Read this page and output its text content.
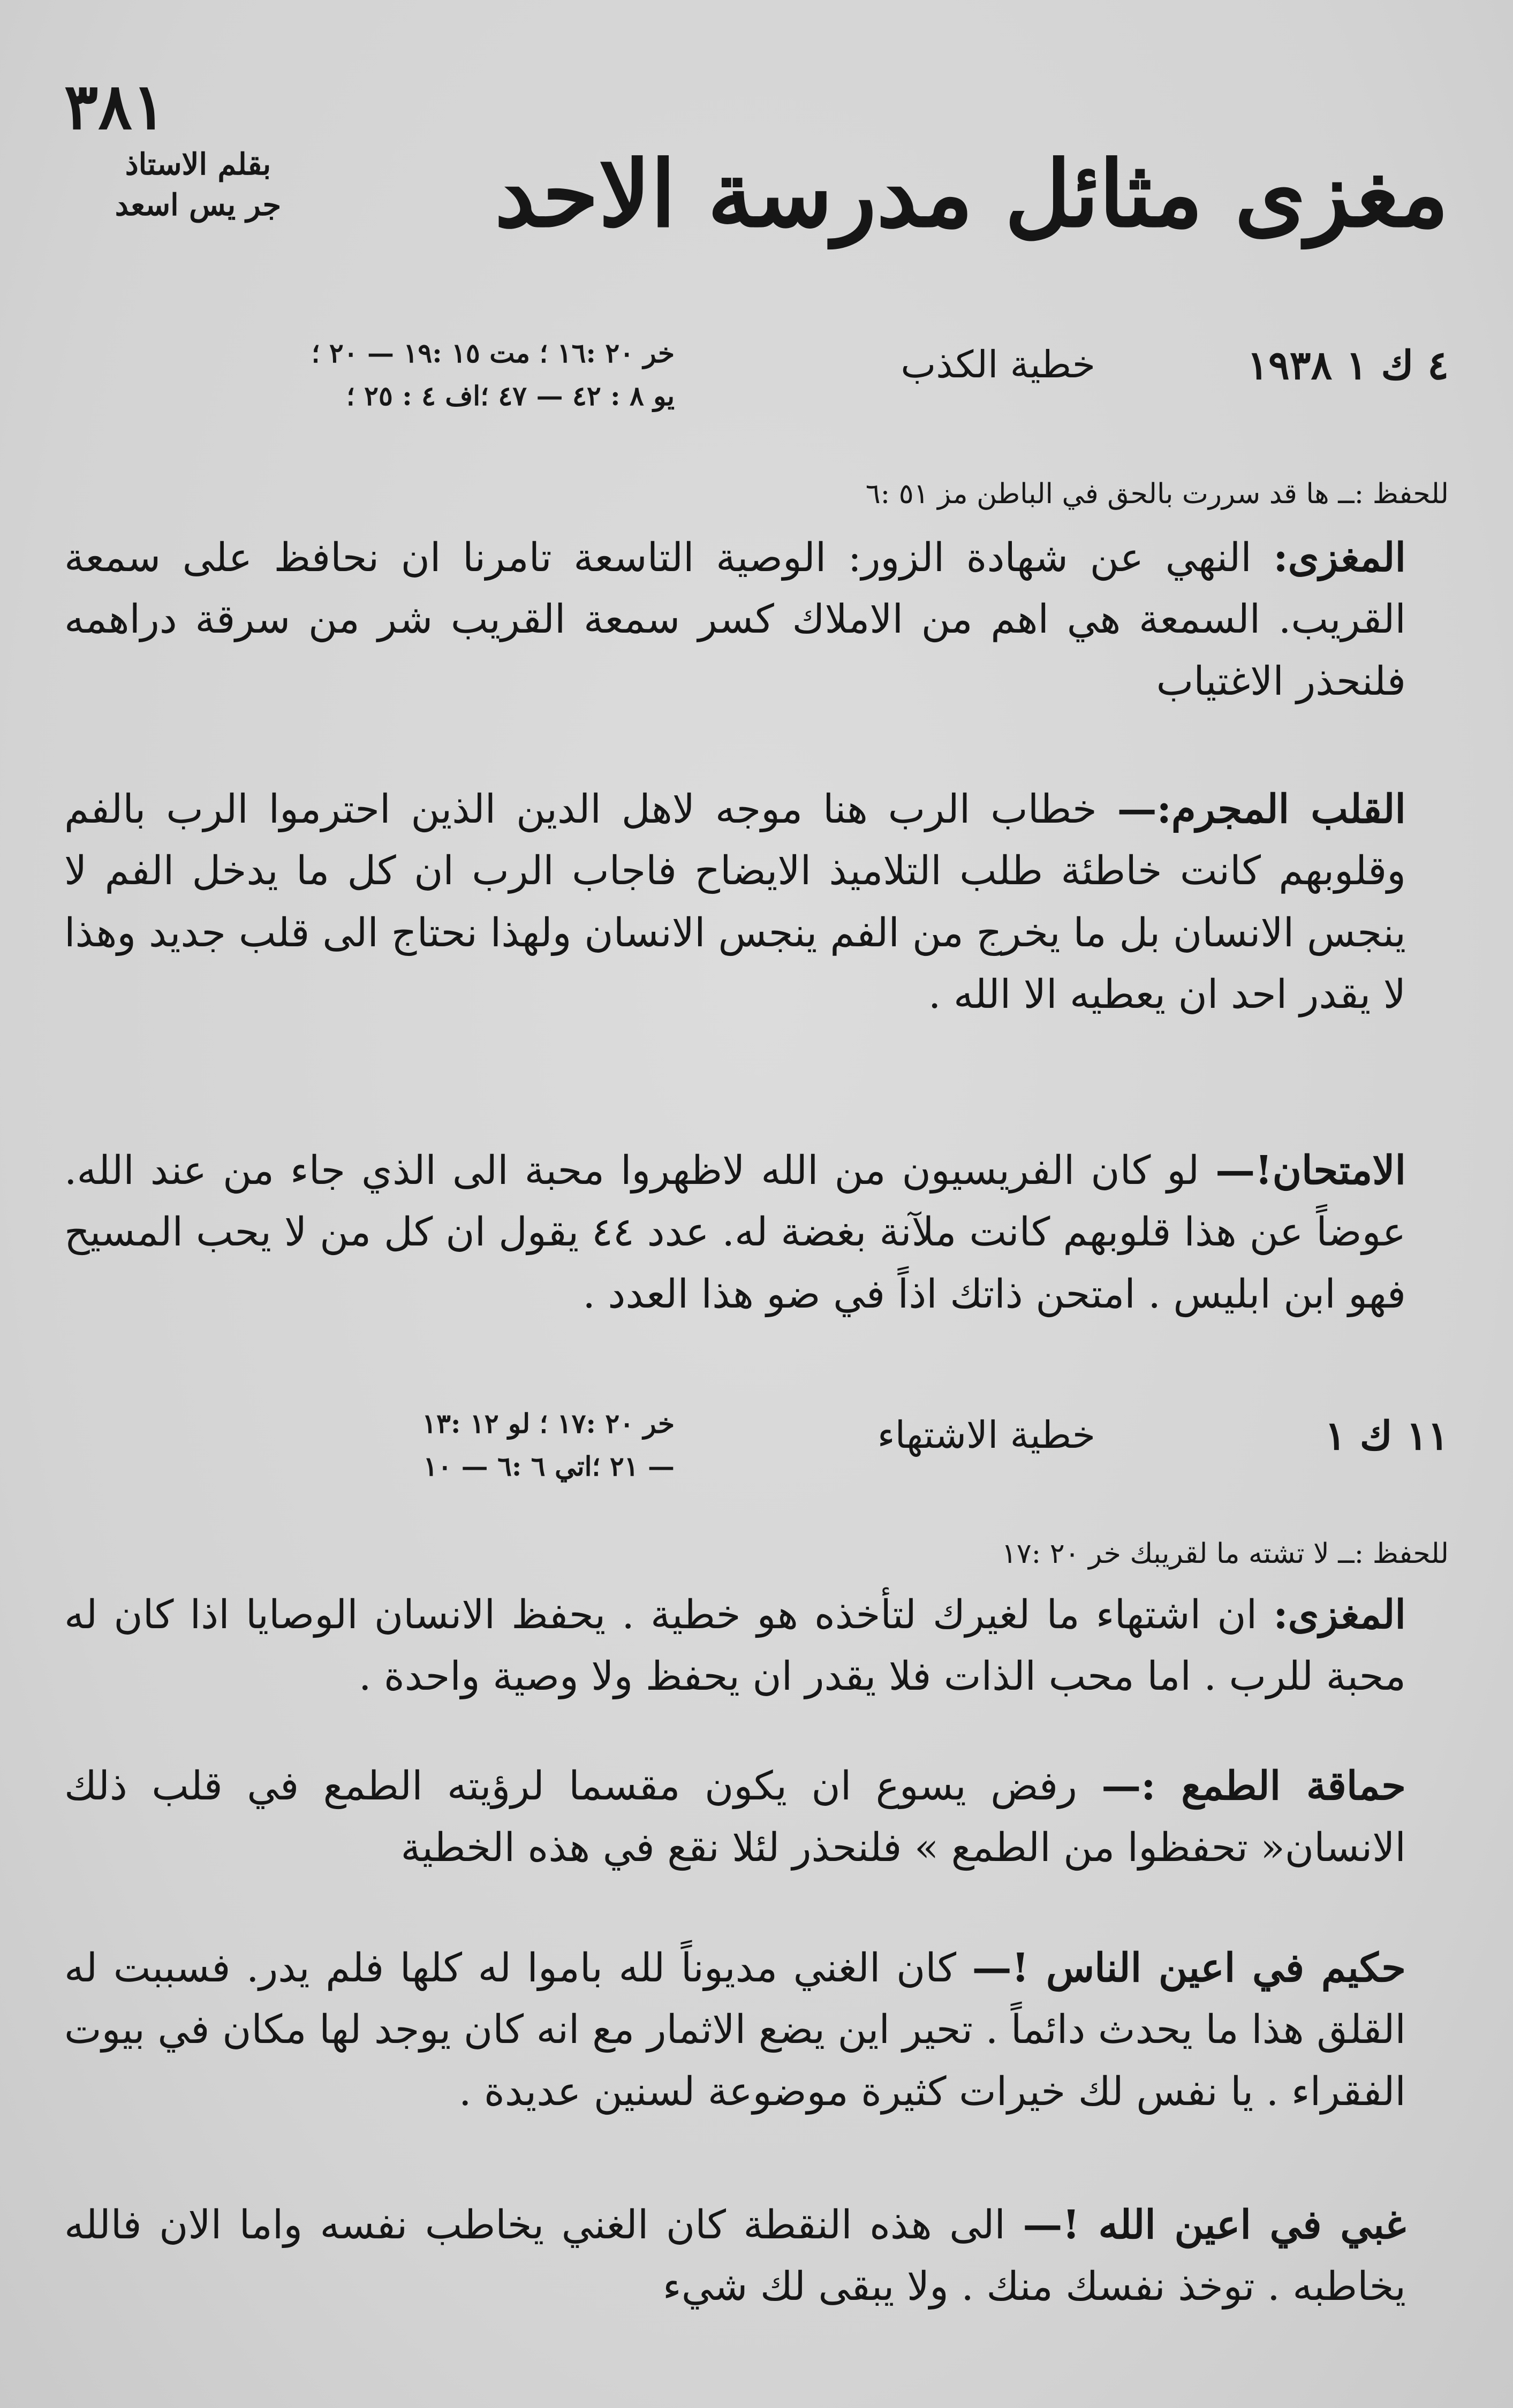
٣٨١
بقلم الاستاذ
جر يس اسعد	مغزى مثائل مدرسة الاحد
٤ ك ١ ١٩٣٨
خطية الكذب
خر ٢٠ :١٦ ؛ مت ١٥ :١٩ — ٢٠ ؛
يو ٨ : ٤٢ — ٤٧ ؛اف ٤ : ٢٥ ؛
للحفظ :ــ ها قد سررت بالحق في الباطن مز ٥١ :٦
المغزى: النهي عن شهادة الزور: الوصية التاسعة تامرنا ان نحافظ على سمعة القريب. السمعة هي اهم من الاملاك كسر سمعة القريب شر من سرقة دراهمه فلنحذر الاغتياب
القلب المجرم:— خطاب الرب هنا موجه لاهل الدين الذين احترموا الرب بالفم وقلوبهم كانت خاطئة طلب التلاميذ الايضاح فاجاب الرب ان كل ما يدخل الفم لا ينجس الانسان بل ما يخرج من الفم ينجس الانسان ولهذا نحتاج الى قلب جديد وهذا لا يقدر احد ان يعطيه الا الله .
الامتحان!— لو كان الفريسيون من الله لاظهروا محبة الى الذي جاء من عند الله. عوضاً عن هذا قلوبهم كانت ملآنة بغضة له. عدد ٤٤ يقول ان كل من لا يحب المسيح فهو ابن ابليس . امتحن ذاتك اذاً في ضو هذا العدد .
١١ ك ١
خطية الاشتهاء
خر ٢٠ :١٧ ؛ لو ١٢ :١٣
— ٢١ ؛اتي ٦ :٦ — ١٠
للحفظ :ــ لا تشته ما لقريبك خر ٢٠ :١٧
المغزى: ان اشتهاء ما لغيرك لتأخذه هو خطية . يحفظ الانسان الوصايا اذا كان له محبة للرب . اما محب الذات فلا يقدر ان يحفظ ولا وصية واحدة .
حماقة الطمع :— رفض يسوع ان يكون مقسما لرؤيته الطمع في قلب ذلك الانسان« تحفظوا من الطمع » فلنحذر لئلا نقع في هذه الخطية
حكيم في اعين الناس !— كان الغني مديوناً لله باموا له كلها فلم يدر. فسببت له القلق هذا ما يحدث دائماً . تحير اين يضع الاثمار مع انه كان يوجد لها مكان في بيوت الفقراء . يا نفس لك خيرات كثيرة موضوعة لسنين عديدة .
غبي في اعين الله !— الى هذه النقطة كان الغني يخاطب نفسه واما الان فالله يخاطبه . توخذ نفسك منك . ولا يبقى لك شيء
